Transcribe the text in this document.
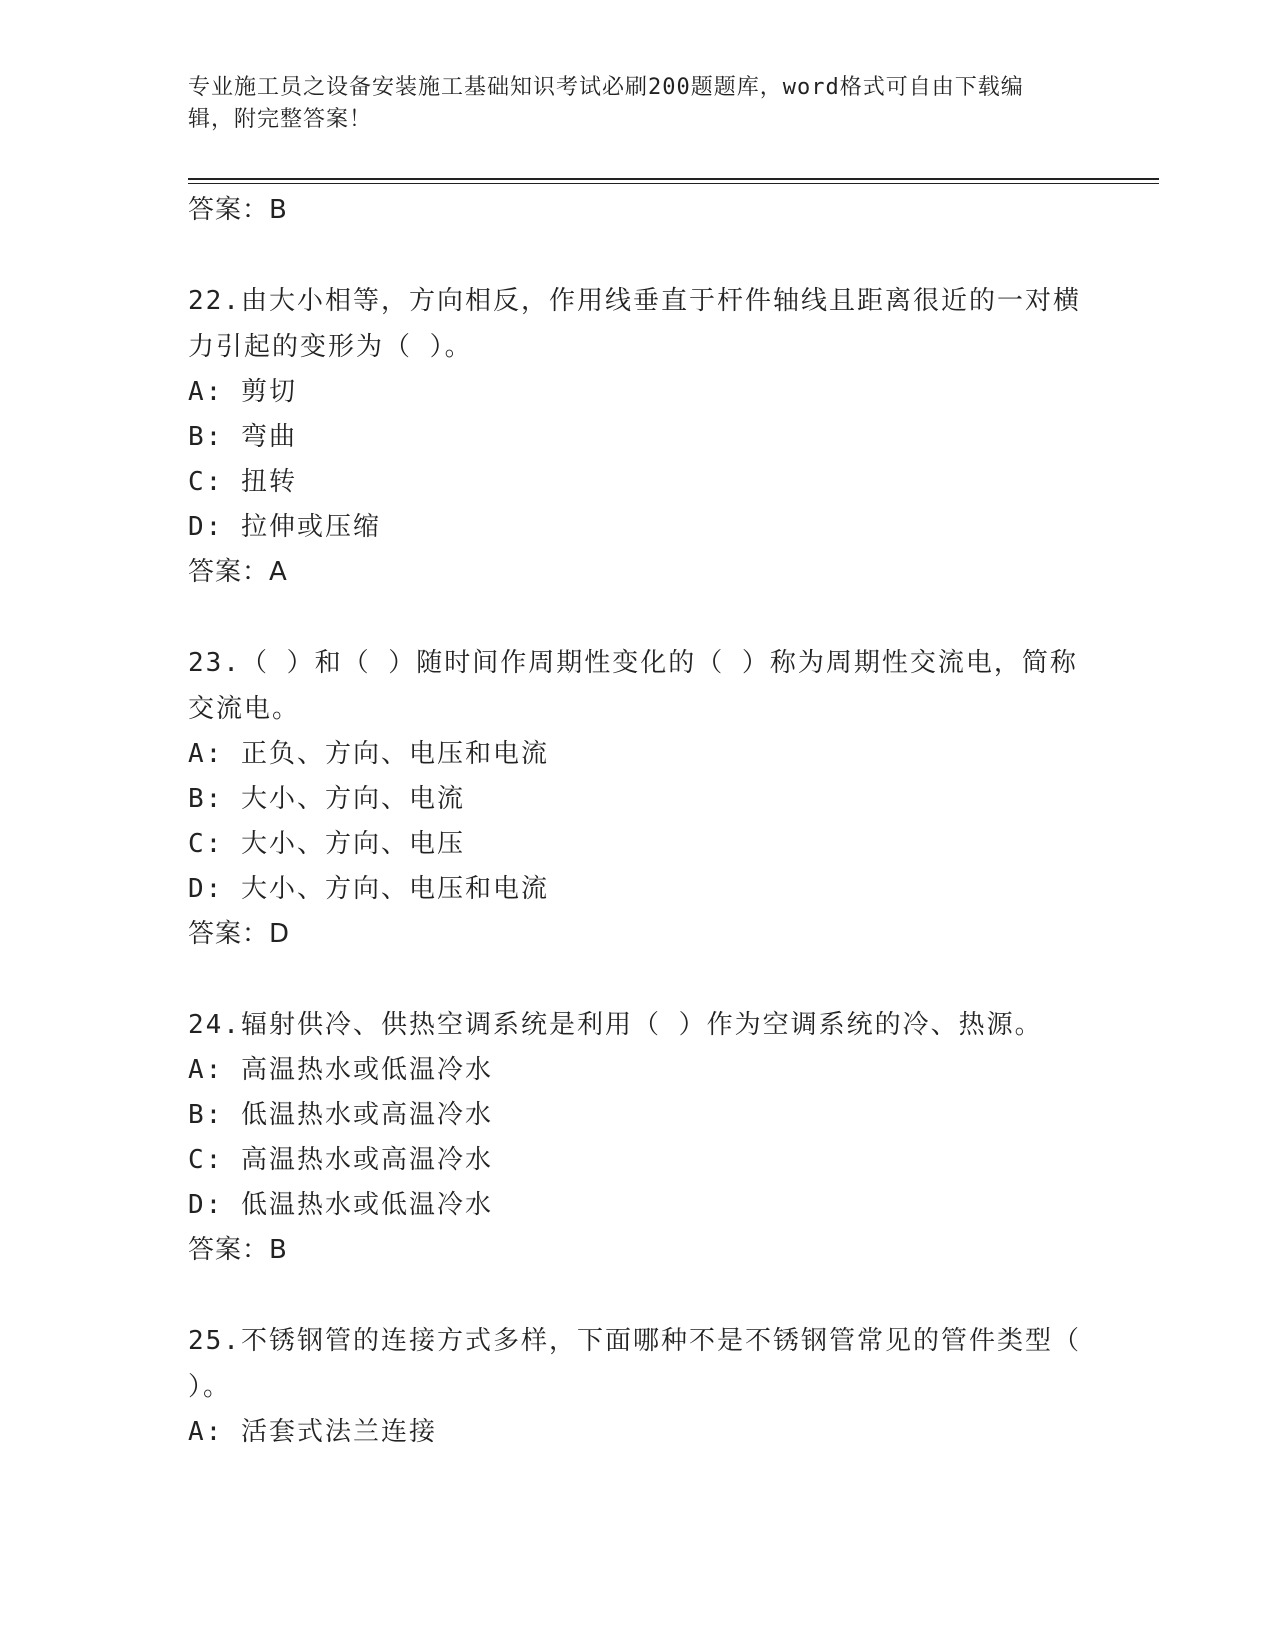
专业施工员之设备安装施工基础知识考试必刷200题题库，word格式可自由下载编辑，附完整答案！
答案：B
22.由大小相等，方向相反，作用线垂直于杆件轴线且距离很近的一对横力引起的变形为（ ）。
A: 剪切
B: 弯曲
C: 扭转
D: 拉伸或压缩
答案：A
23.（ ）和（ ）随时间作周期性变化的（ ）称为周期性交流电，简称交流电。
A: 正负、方向、电压和电流
B: 大小、方向、电流
C: 大小、方向、电压
D: 大小、方向、电压和电流
答案：D
24.辐射供冷、供热空调系统是利用（ ）作为空调系统的冷、热源。
A: 高温热水或低温冷水
B: 低温热水或高温冷水
C: 高温热水或高温冷水
D: 低温热水或低温冷水
答案：B
25.不锈钢管的连接方式多样，下面哪种不是不锈钢管常见的管件类型（ ）。
A: 活套式法兰连接
